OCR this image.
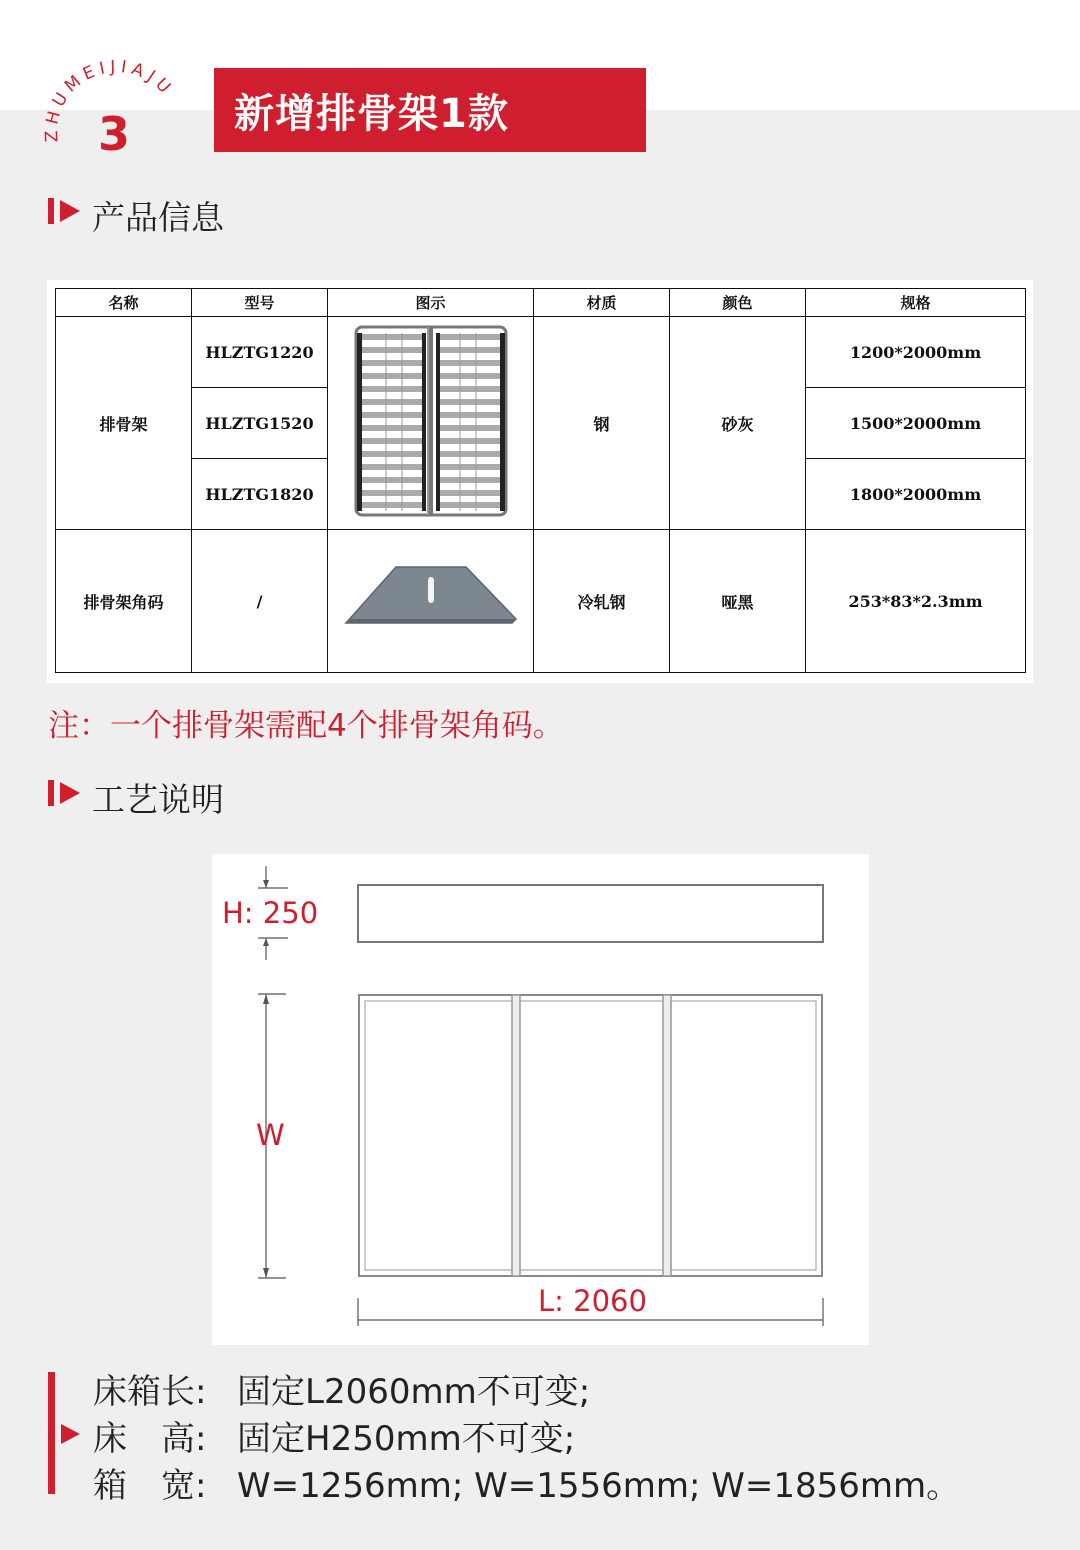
ZHUMEIJIAJU
3	新增排骨架1款
产品信息
名称	型号	图示	材质	颜色	规格
排骨架	HLZTG1220		钢	砂灰	1200*2000mm
	HLZTG1520				1500*2000mm
	HLZTG1820				1800*2000mm
排骨架角码	/		冷轧钢	哑黑	253*83*2.3mm
注：一个排骨架需配4个排骨架角码。
工艺说明
H: 250
W
L: 2060
床箱长: 固定L2060mm不可变;
床　高: 固定H250mm不可变;
箱　宽: W=1256mm; W=1556mm; W=1856mm。
